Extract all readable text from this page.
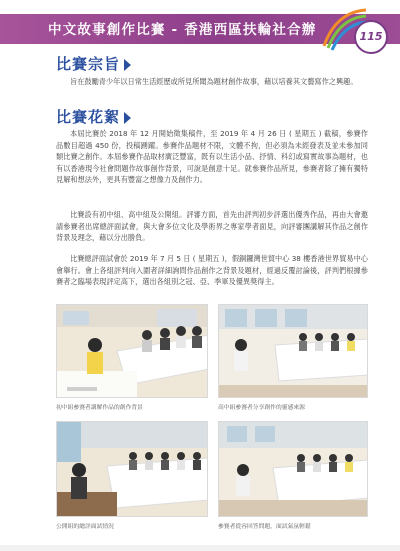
中文故事創作比賽 - 香港西區扶輪社合辦	115
比賽宗旨

旨在鼓勵青少年以日常生活經歷或所見所聞為題材創作故事，藉以培養其文藝寫作之興趣。

比賽花絮

本屆比賽於 2018 年 12 月開始徵集稿件，至 2019 年 4 月 26 日 ( 星期五 ) 截稿，參賽作品數目超過 450 份，投稿踴躍。參賽作品題材不限，文體不拘，但必須為未經發表及並未參加同類比賽之創作。本屆參賽作品取材廣泛豐富，既有以生活小品、抒情、科幻或寫實故事為題材，也有以香港現今社會問題作故事創作背景，可說是創意十足。就參賽作品所見，參賽者除了擁有獨特見解和想法外，更具有豐富之想像力及創作力。

比賽設有初中組、高中組及公開組。評審方面，首先由評判初步評選出優秀作品，再由大會邀請參賽者出席總評面試會，與大會多位文化及學術界之專家學者面見，向評審團講解其作品之創作背景及理念，藉以分出勝負。

比賽總評面試會於 2019 年 7 月 5 日 ( 星期五 )，假銅鑼灣世貿中心 38 樓香港世界貿易中心會舉行。會上各組評判向入圍者詳細詢問作品創作之背景及題材，經過反覆討論後，評判們根據參賽者之臨場表現評定高下，選出各組別之冠、亞、季軍及優異獎得主。

初中組參賽者講解作品的創作背景	高中組參賽者分享創作的靈感來源
公開組的總評面試情況	參賽者從容回答問題，面試氣氛輕鬆
